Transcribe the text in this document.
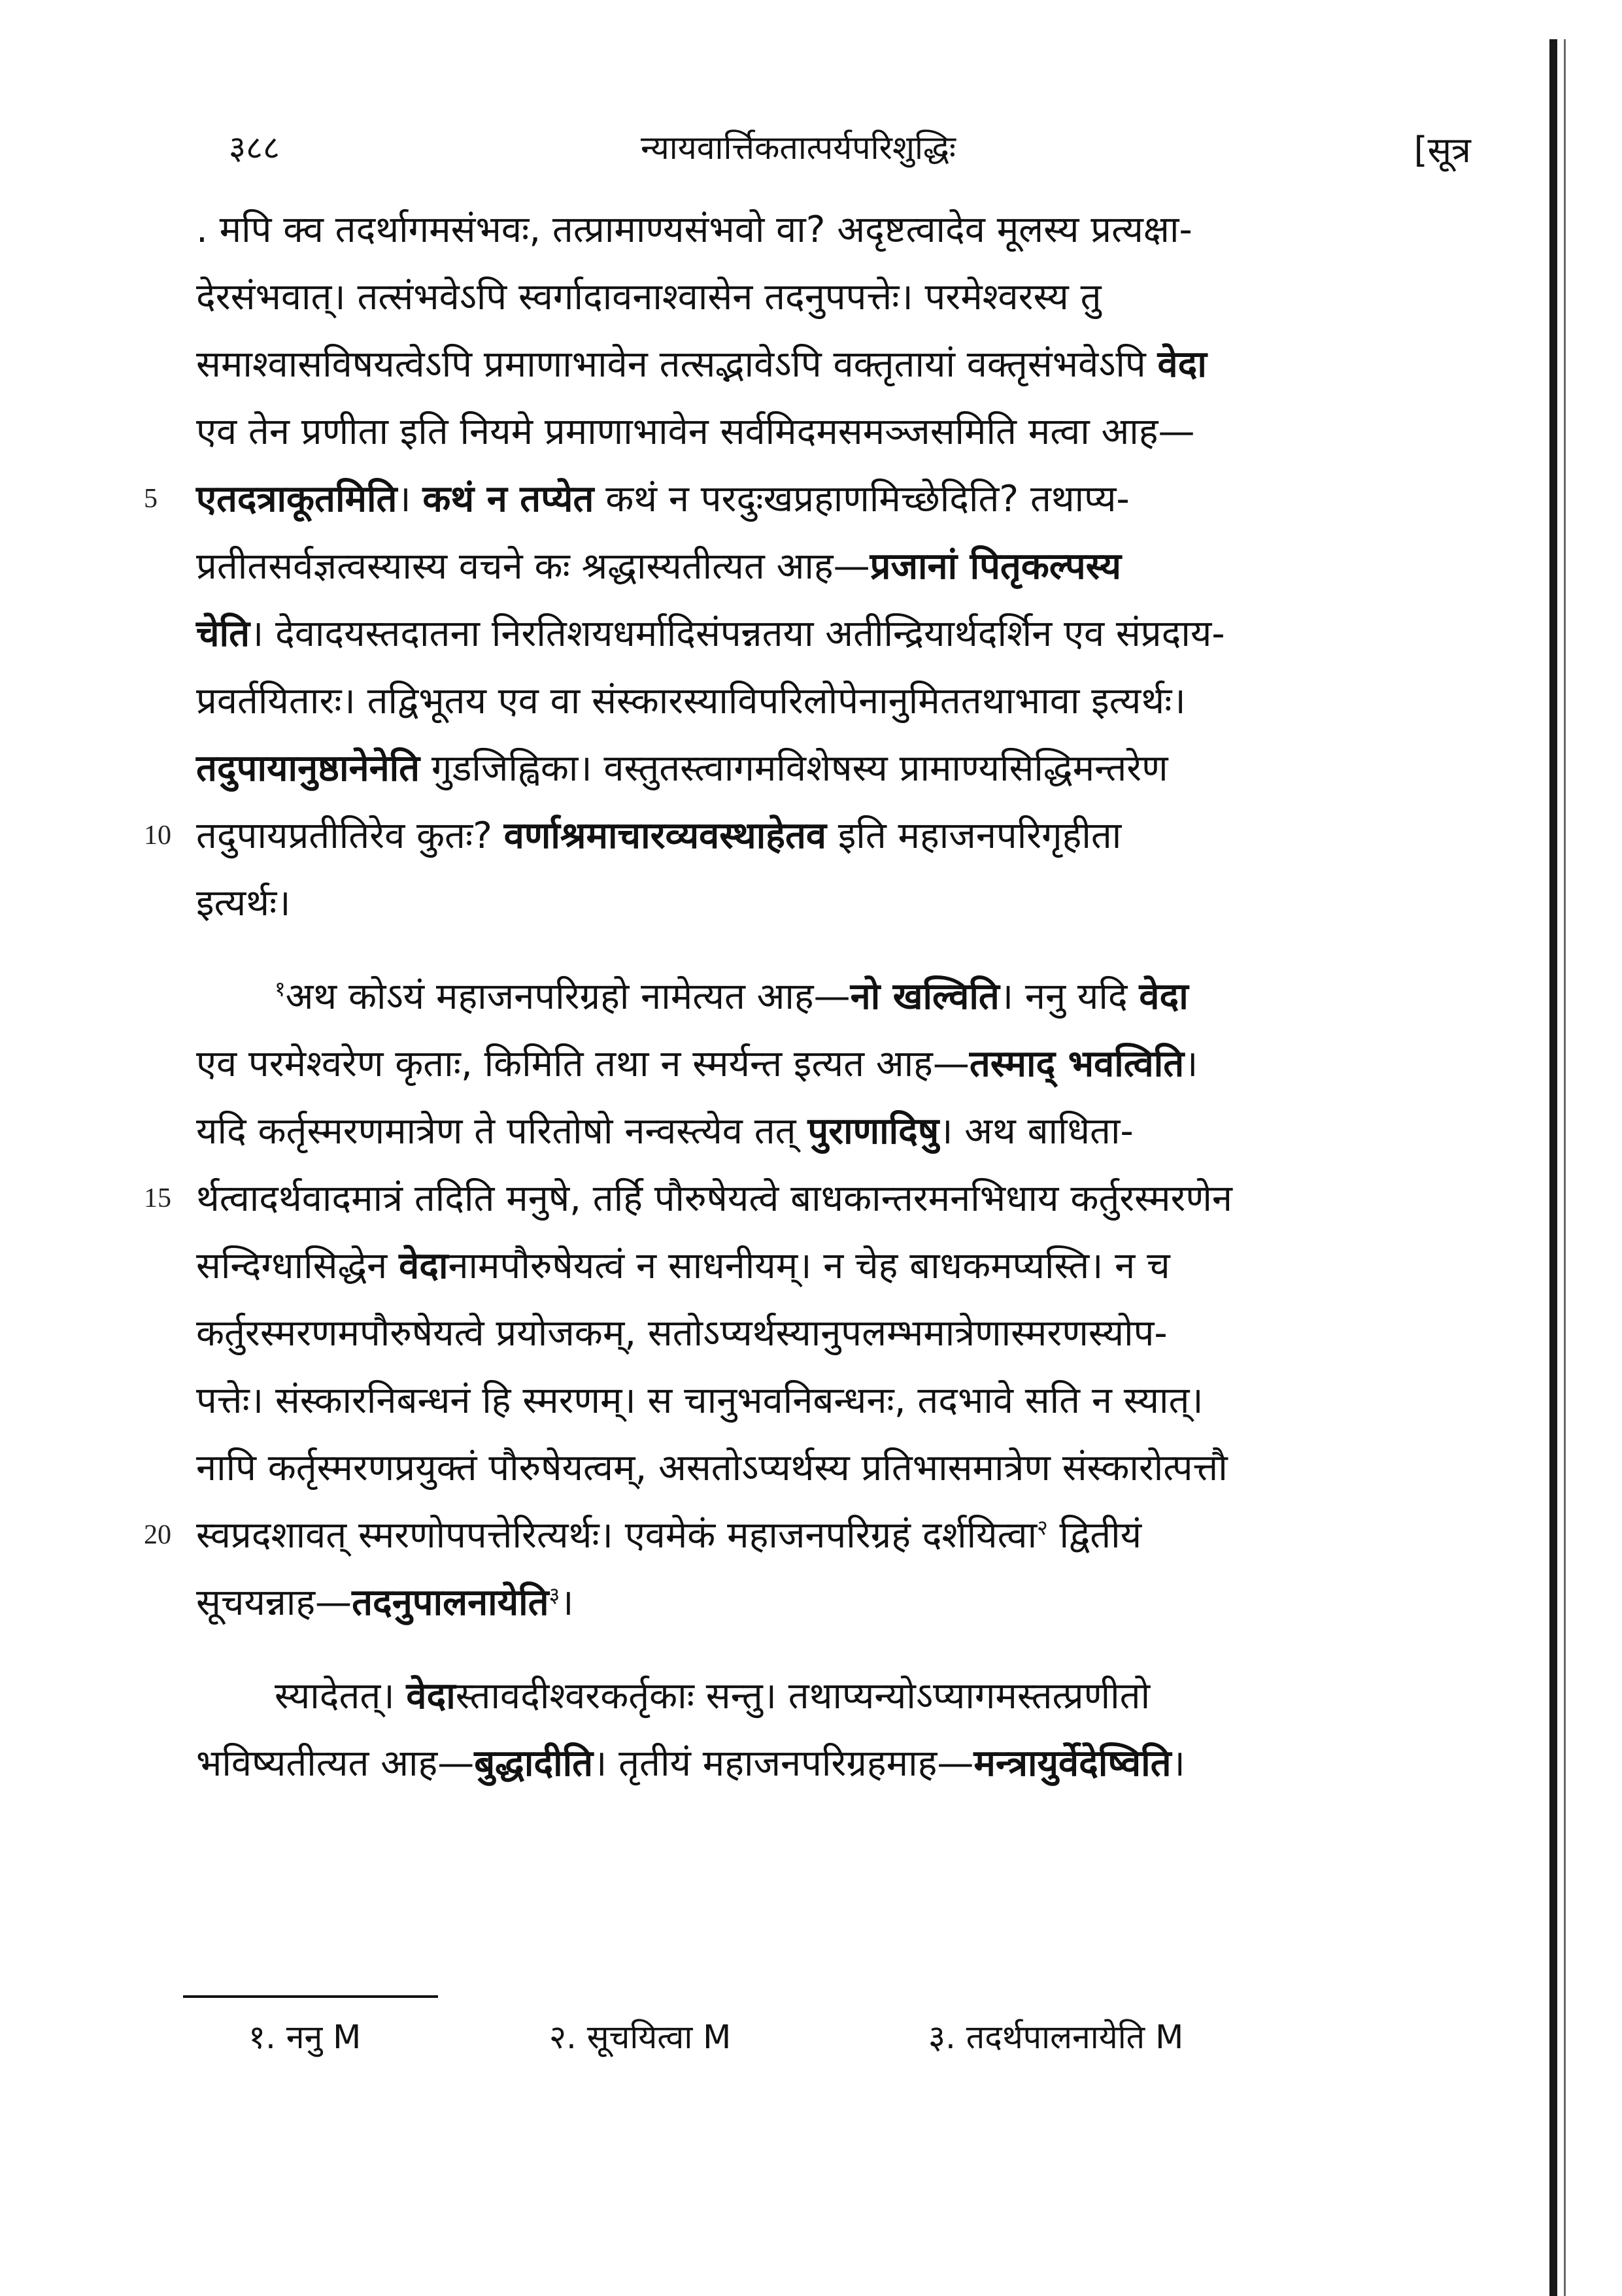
३८८	न्यायवार्त्तिकतात्पर्यपरिशुद्धिः	[सूत्र
. मपि क्व तदर्थागमसंभवः, तत्प्रामाण्यसंभवो वा? अदृष्टत्वादेव मूलस्य प्रत्यक्षा-
देरसंभवात्। तत्संभवेऽपि स्वर्गादावनाश्वासेन तदनुपपत्तेः। परमेश्वरस्य तु
समाश्वासविषयत्वेऽपि प्रमाणाभावेन तत्सद्भावेऽपि वक्तृतायां वक्तृसंभवेऽपि वेदा
एव तेन प्रणीता इति नियमे प्रमाणाभावेन सर्वमिदमसमञ्जसमिति मत्वा आह—
5 एतदत्राकूतमिति। कथं न तप्येत कथं न परदुःखप्रहाणमिच्छेदिति? तथाप्य-
प्रतीतसर्वज्ञत्वस्यास्य वचने कः श्रद्धास्यतीत्यत आह—प्रजानां पितृकल्पस्य
चेति। देवादयस्तदातना निरतिशयधर्मादिसंपन्नतया अतीन्द्रियार्थदर्शिन एव संप्रदाय-
प्रवर्तयितारः। तद्विभूतय एव वा संस्कारस्याविपरिलोपेनानुमिततथाभावा इत्यर्थः।
तदुपायानुष्ठानेनेति गुडजिह्विका। वस्तुतस्त्वागमविशेषस्य प्रामाण्यसिद्धिमन्तरेण
10 तदुपायप्रतीतिरेव कुतः? वर्णाश्रमाचारव्यवस्थाहेतव इति महाजनपरिगृहीता
इत्यर्थः।
$^१$अथ कोऽयं महाजनपरिग्रहो नामेत्यत आह—नो खल्विति। ननु यदि वेदा
एव परमेश्वरेण कृताः, किमिति तथा न स्मर्यन्त इत्यत आह—तस्माद् भवत्विति।
यदि कर्तृस्मरणमात्रेण ते परितोषो नन्वस्त्येव तत् पुराणादिषु। अथ बाधिता-
15 र्थत्वादर्थवादमात्रं तदिति मनुषे, तर्हि पौरुषेयत्वे बाधकान्तरमनभिधाय कर्तुरस्मरणेन
सन्दिग्धासिद्धेन वेदानामपौरुषेयत्वं न साधनीयम्। न चेह बाधकमप्यस्ति। न च
कर्तुरस्मरणमपौरुषेयत्वे प्रयोजकम्, सतोऽप्यर्थस्यानुपलम्भमात्रेणास्मरणस्योप-
पत्तेः। संस्कारनिबन्धनं हि स्मरणम्। स चानुभवनिबन्धनः, तदभावे सति न स्यात्।
नापि कर्तृस्मरणप्रयुक्तं पौरुषेयत्वम्, असतोऽप्यर्थस्य प्रतिभासमात्रेण संस्कारोत्पत्तौ
20 स्वप्रदशावत् स्मरणोपपत्तेरित्यर्थः। एवमेकं महाजनपरिग्रहं दर्शयित्वा$^२$ द्वितीयं
सूचयन्नाह—तदनुपालनायेति$^३$।
स्यादेतत्। वेदास्तावदीश्वरकर्तृकाः सन्तु। तथाप्यन्योऽप्यागमस्तत्प्रणीतो
भविष्यतीत्यत आह—बुद्धादीति। तृतीयं महाजनपरिग्रहमाह—मन्त्रायुर्वेदेष्विति।
१. ननु M	२. सूचयित्वा M	३. तदर्थपालनायेति M
